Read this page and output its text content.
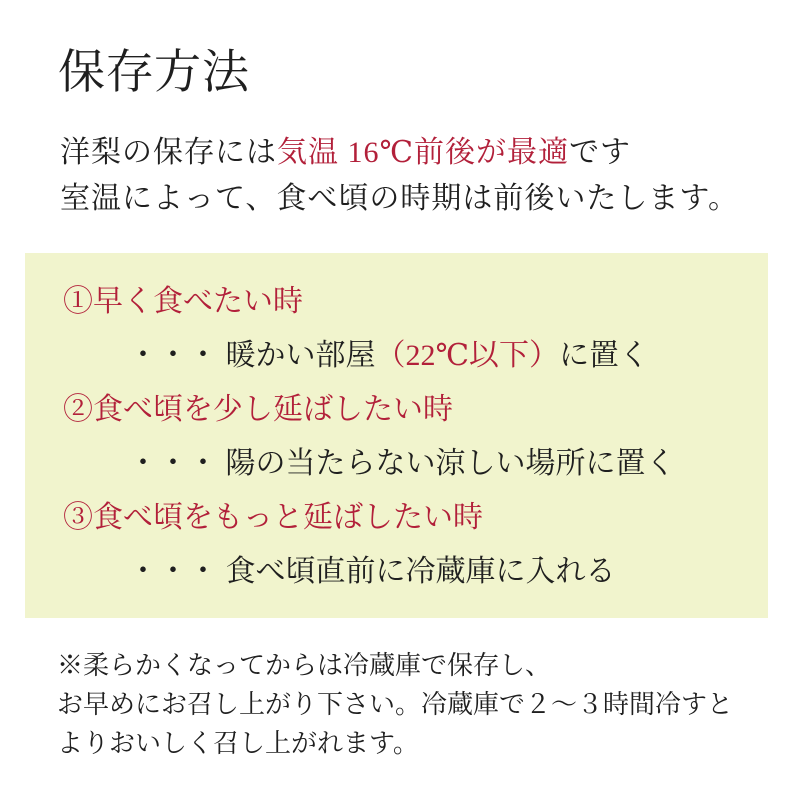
保存方法

洋梨の保存には気温 16℃前後が最適です
室温によって、食べ頃の時期は前後いたします。

①早く食べたい時

・・・ 暖かい部屋（22℃以下）に置く

②食べ頃を少し延ばしたい時

・・・ 陽の当たらない涼しい場所に置く

③食べ頃をもっと延ばしたい時

・・・ 食べ頃直前に冷蔵庫に入れる

※柔らかくなってからは冷蔵庫で保存し、
お早めにお召し上がり下さい。冷蔵庫で２～３時間冷すと
よりおいしく召し上がれます。
